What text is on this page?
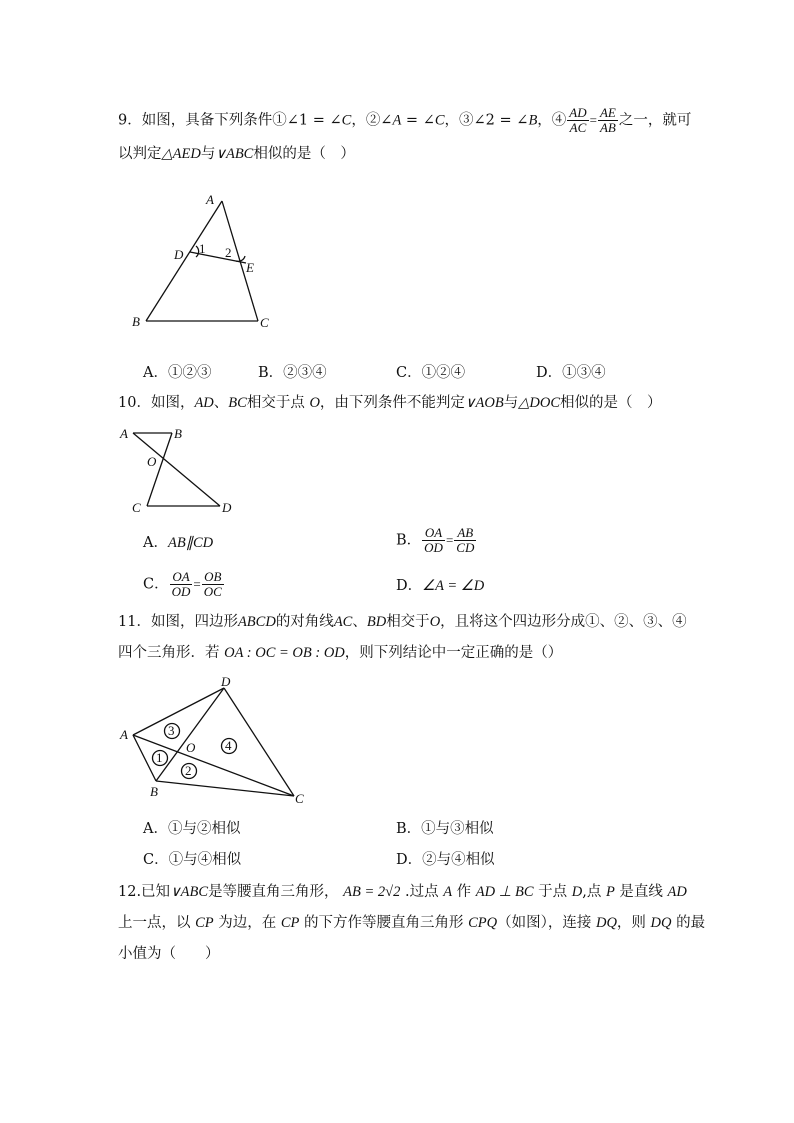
9．如图，具备下列条件①∠1 = ∠C，②∠A = ∠C，③∠2 = ∠B，④ $\frac{AD}{AC} = \frac{AE}{AB}$ 之一，就可
以判定△AED与∨ABC相似的是（　）
A
D 1 2
E
B	C
A．①②③	B．②③④	C．①②④	D．①③④
10．如图，AD、BC相交于点 O，由下列条件不能判定∨AOB与△DOC相似的是（　）
A	B
O
C	D
A．AB∥CD	B． $\frac{OA}{OD} = \frac{AB}{CD}$
C． $\frac{OA}{OD} = \frac{OB}{OC}$	D．∠A = ∠D
11．如图，四边形ABCD的对角线AC、BD相交于O，且将这个四边形分成①、②、③、④
四个三角形．若 OA : OC = OB : OD，则下列结论中一定正确的是（）
D
A
O
B	C
3
4
1
2
A．①与②相似	B．①与③相似
C．①与④相似	D．②与④相似
12.已知∨ABC是等腰直角三角形， AB = 2√2 .过点 A 作 AD ⊥ BC 于点 D,点 P 是直线 AD
上一点，以 CP 为边，在 CP 的下方作等腰直角三角形 CPQ（如图），连接 DQ，则 DQ 的最
小值为（　　）
